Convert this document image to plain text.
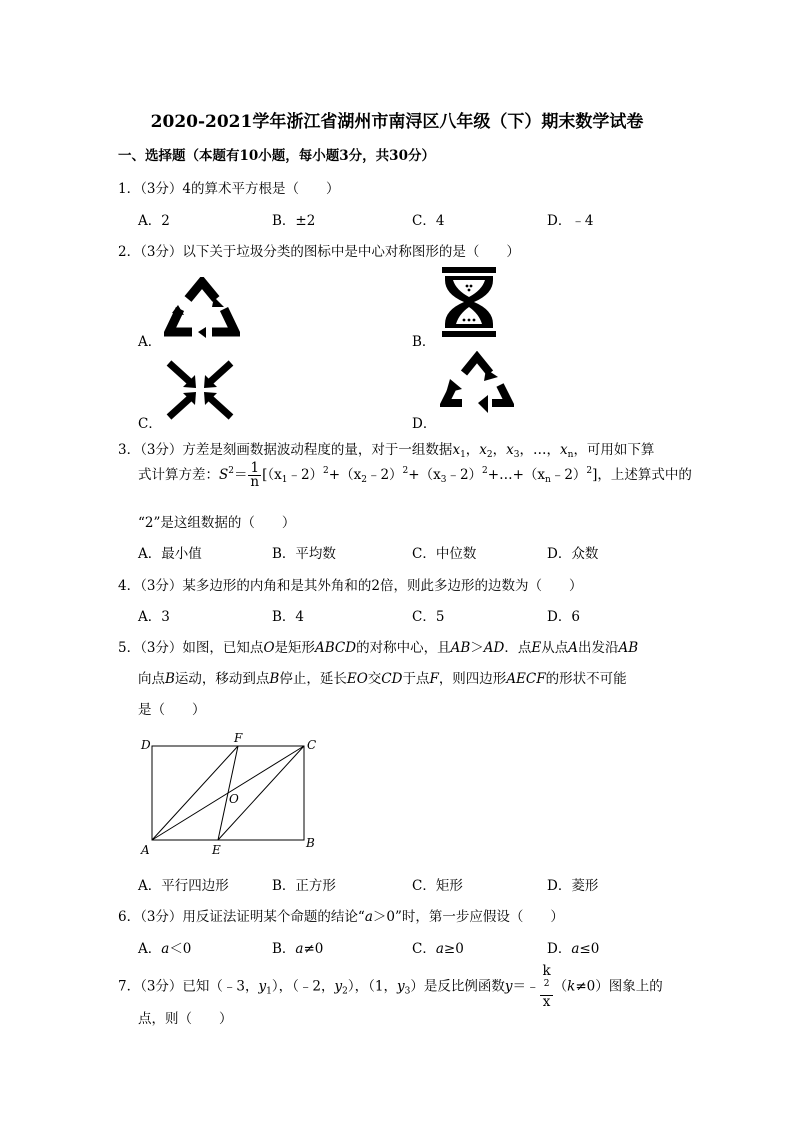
2020-2021学年浙江省湖州市南浔区八年级（下）期末数学试卷
一、选择题（本题有10小题，每小题3分，共30分）
1．（3分）4的算术平方根是（　　）
A．2	B．±2	C．4	D．﹣4
2．（3分）以下关于垃圾分类的图标中是中心对称图形的是（　　）
A．	B．
C．	D．
3．（3分）方差是刻画数据波动程度的量，对于一组数据$x_1$，$x_2$，$x_3$，…，$x_n$，可用如下算
式计算方差：$S^2= \frac{1}{n}$ $[(x_1﹣2)^2+(x_2﹣2)^2+(x_3﹣2)^2+\dots+(x_n﹣2)^2]$，上述算式中的
“2”是这组数据的（　　）
A．最小值	B．平均数	C．中位数	D．众数
4．（3分）某多边形的内角和是其外角和的2倍，则此多边形的边数为（　　）
A．3	B．4	C．5	D．6
5．（3分）如图，已知点O是矩形ABCD的对称中心，且AB＞AD．点E从点A出发沿AB
向点B运动，移动到点B停止，延长EO交CD于点F，则四边形AECF的形状不可能
是（　　）
D	F	C
O
A	E	B
A．平行四边形	B．正方形	C．矩形	D．菱形
6．（3分）用反证法证明某个命题的结论“a＞0”时，第一步应假设（　　）
A．a＜0	B．a≠0	C．a≥0	D．a≤0
7．（3分）已知（﹣3，$y_1$），（﹣2，$y_2$），（1，$y_3$）是反比例函数y＝﹣ k
$^2$
x （k≠0）图象上的
点，则（　　）
